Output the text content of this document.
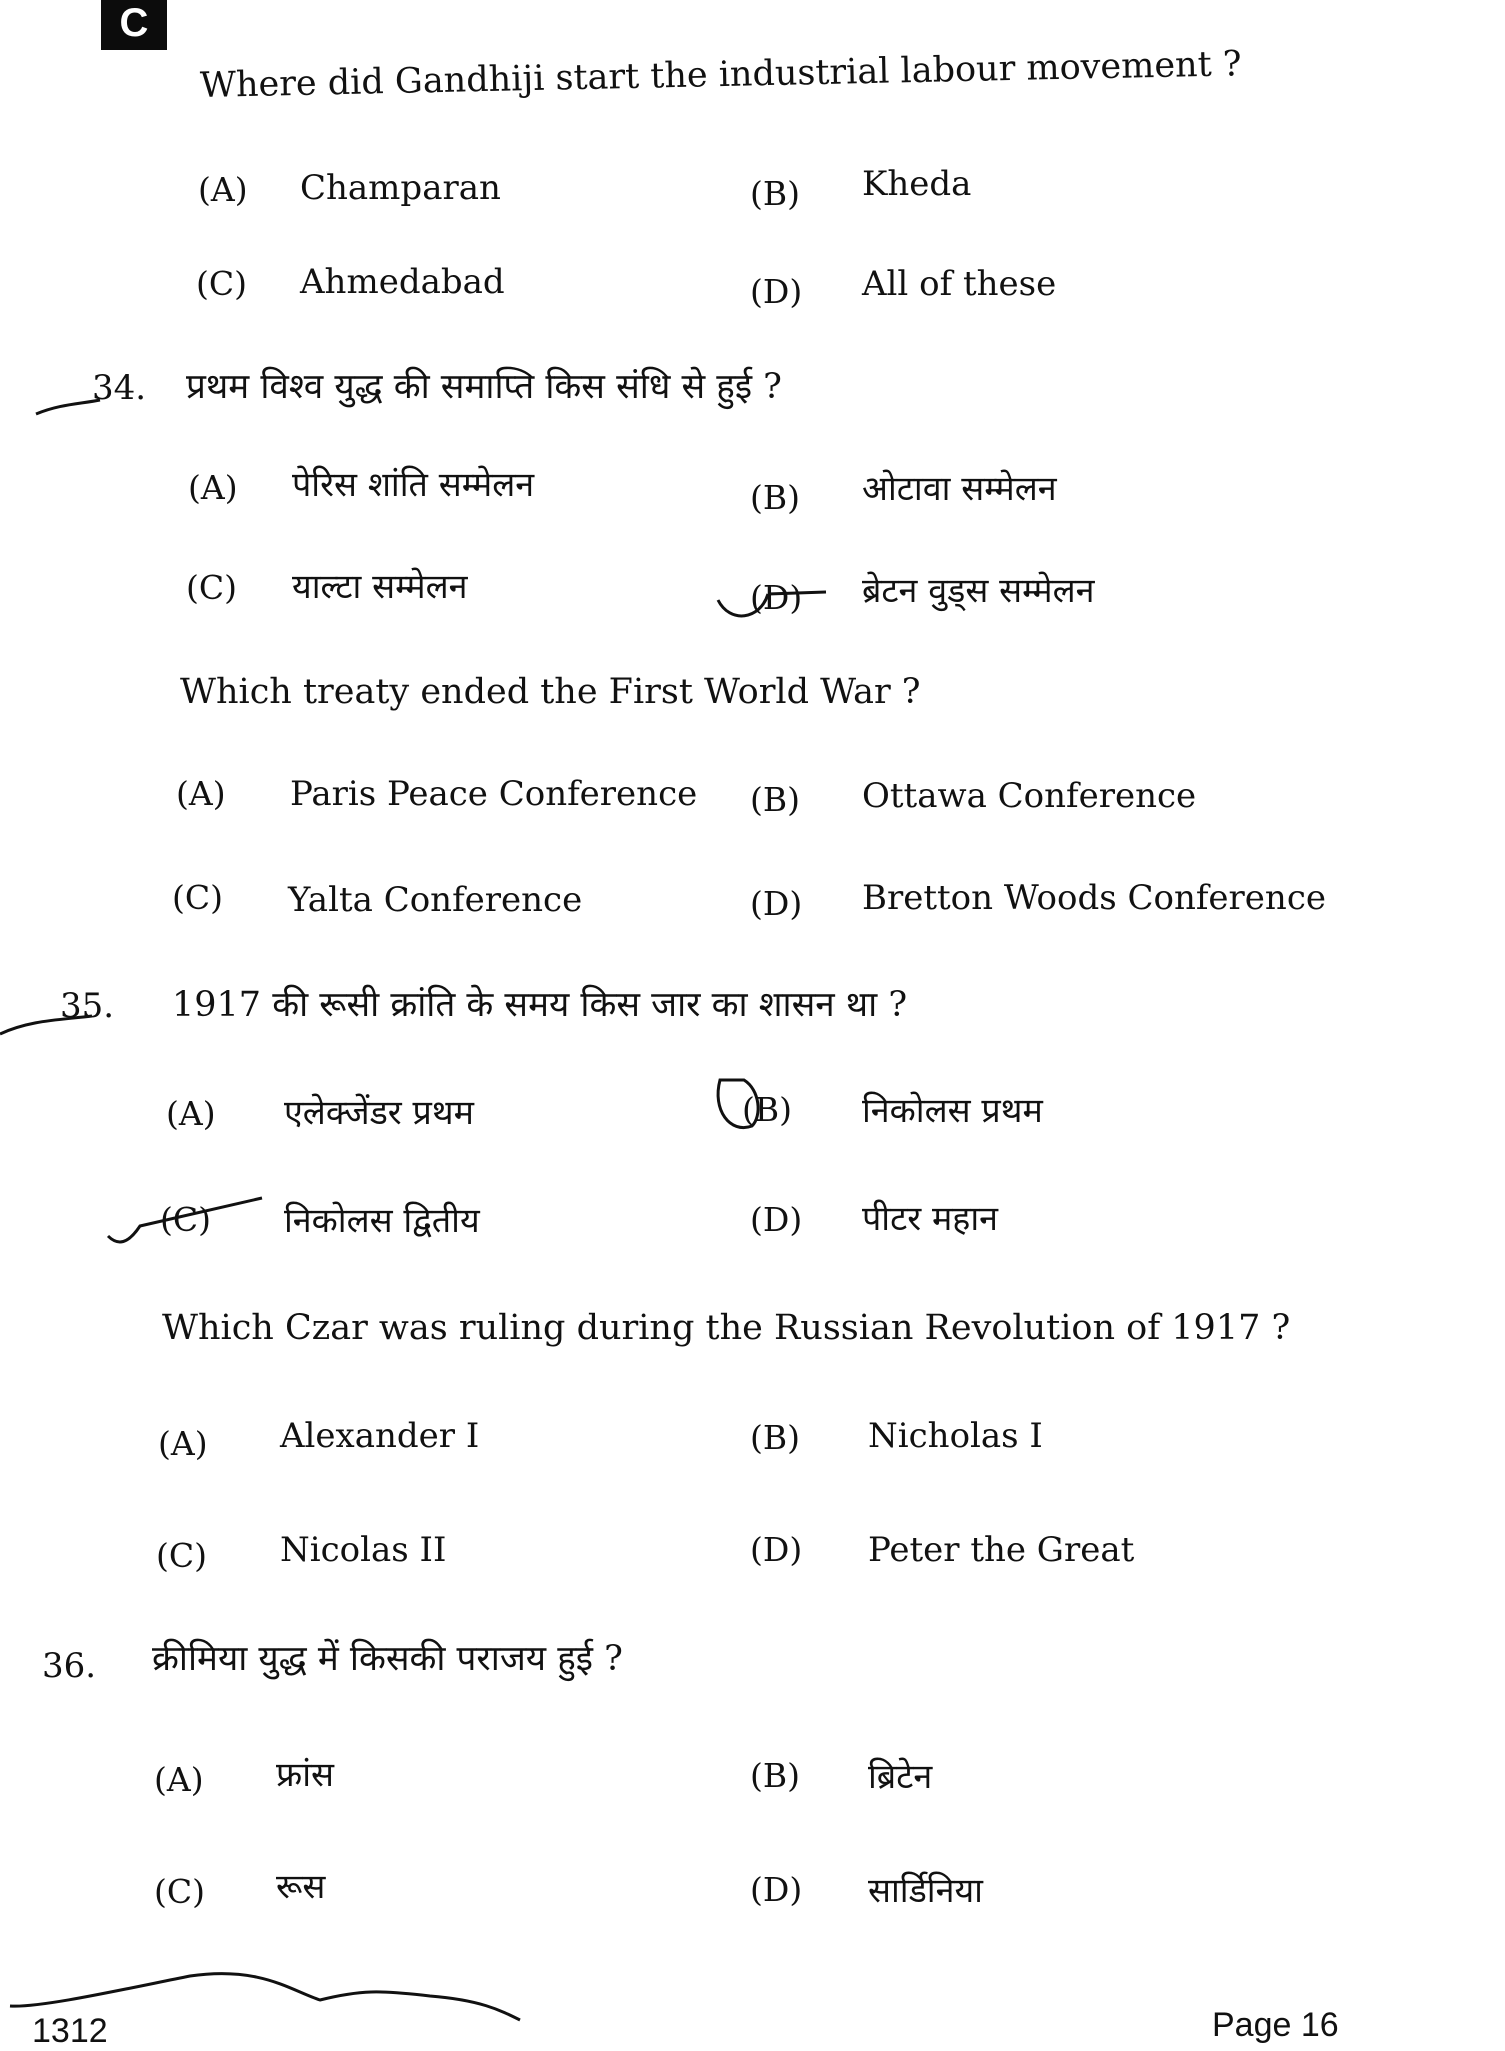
C
Where did Gandhiji start the industrial labour movement ?
(A) Champaran	(B) Kheda
(C) Ahmedabad	(D) All of these
34. प्रथम विश्व युद्ध की समाप्ति किस संधि से हुई ?
(A) पेरिस शांति सम्मेलन	(B) ओटावा सम्मेलन
(C) याल्टा सम्मेलन	(D) ब्रेटन वुड्स सम्मेलन
Which treaty ended the First World War ?
(A) Paris Peace Conference (B) Ottawa Conference
(C) Yalta Conference	(D) Bretton Woods Conference
35. 1917 की रूसी क्रांति के समय किस जार का शासन था ?
(A) एलेक्जेंडर प्रथम	(B) निकोलस प्रथम
(C) निकोलस द्वितीय	(D) पीटर महान
Which Czar was ruling during the Russian Revolution of 1917 ?
(A) Alexander I	(B) Nicholas I
(C) Nicolas II	(D) Peter the Great
36. क्रीमिया युद्ध में किसकी पराजय हुई ?
(A) फ्रांस	(B) ब्रिटेन
(C) रूस	(D) सार्डिनिया
1312	Page 16
